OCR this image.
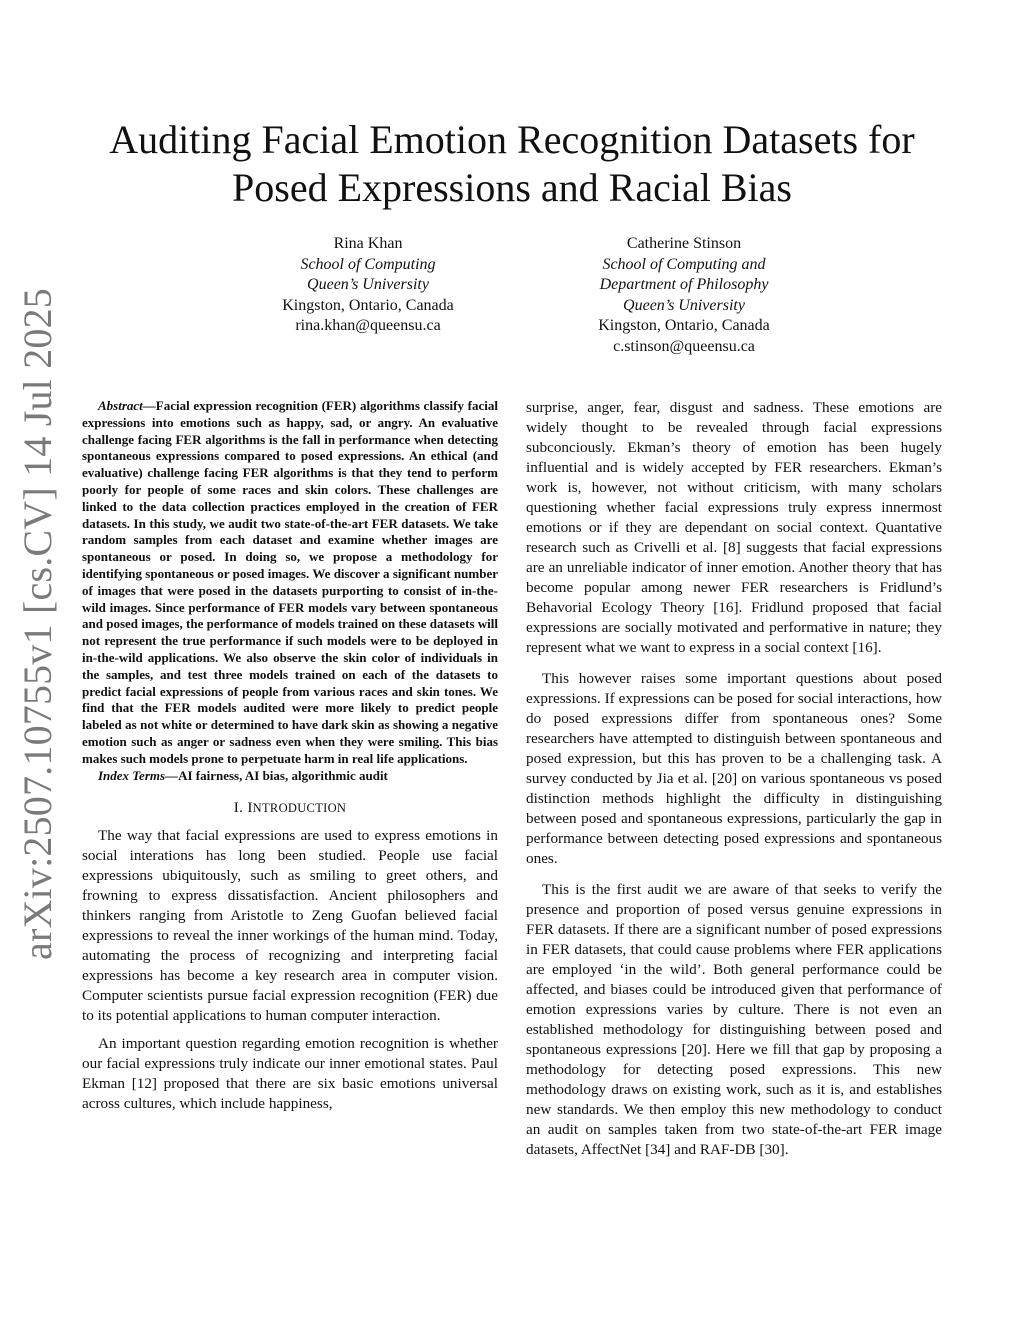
arXiv:2507.10755v1 [cs.CV] 14 Jul 2025
Auditing Facial Emotion Recognition Datasets for
Posed Expressions and Racial Bias
Rina Khan
School of Computing
Queen’s University
Kingston, Ontario, Canada
rina.khan@queensu.ca
Catherine Stinson
School of Computing and
Department of Philosophy
Queen’s University
Kingston, Ontario, Canada
c.stinson@queensu.ca

Abstract—Facial expression recognition (FER) algorithms classify facial expressions into emotions such as happy, sad, or angry. An evaluative challenge facing FER algorithms is the fall in performance when detecting spontaneous expressions compared to posed expressions. An ethical (and evaluative) challenge facing FER algorithms is that they tend to perform poorly for people of some races and skin colors. These challenges are linked to the data collection practices employed in the creation of FER datasets. In this study, we audit two state-of-the-art FER datasets. We take random samples from each dataset and examine whether images are spontaneous or posed. In doing so, we propose a methodology for identifying spontaneous or posed images. We discover a significant number of images that were posed in the datasets purporting to consist of in-the-wild images. Since performance of FER models vary between spontaneous and posed images, the performance of models trained on these datasets will not represent the true performance if such models were to be deployed in in-the-wild applications. We also observe the skin color of individuals in the samples, and test three models trained on each of the datasets to predict facial expressions of people from various races and skin tones. We find that the FER models audited were more likely to predict people labeled as not white or determined to have dark skin as showing a negative emotion such as anger or sadness even when they were smiling. This bias makes such models prone to perpetuate harm in real life applications.

Index Terms—AI fairness, AI bias, algorithmic audit

I. INTRODUCTION

The way that facial expressions are used to express emotions in social interations has long been studied. People use facial expressions ubiquitously, such as smiling to greet others, and frowning to express dissatisfaction. Ancient philosophers and thinkers ranging from Aristotle to Zeng Guofan believed facial expressions to reveal the inner workings of the human mind. Today, automating the process of recognizing and interpreting facial expressions has become a key research area in computer vision. Computer scientists pursue facial expression recognition (FER) due to its potential applications to human computer interaction.

An important question regarding emotion recognition is whether our facial expressions truly indicate our inner emotional states. Paul Ekman [12] proposed that there are six basic emotions universal across cultures, which include happiness,

surprise, anger, fear, disgust and sadness. These emotions are widely thought to be revealed through facial expressions subconciously. Ekman’s theory of emotion has been hugely influential and is widely accepted by FER researchers. Ekman’s work is, however, not without criticism, with many scholars questioning whether facial expressions truly express innermost emotions or if they are dependant on social context. Quantative research such as Crivelli et al. [8] suggests that facial expressions are an unreliable indicator of inner emotion. Another theory that has become popular among newer FER researchers is Fridlund’s Behavorial Ecology Theory [16]. Fridlund proposed that facial expressions are socially motivated and performative in nature; they represent what we want to express in a social context [16].

This however raises some important questions about posed expressions. If expressions can be posed for social interactions, how do posed expressions differ from spontaneous ones? Some researchers have attempted to distinguish between spontaneous and posed expression, but this has proven to be a challenging task. A survey conducted by Jia et al. [20] on various spontaneous vs posed distinction methods highlight the difficulty in distinguishing between posed and spontaneous expressions, particularly the gap in performance between detecting posed expressions and spontaneous ones.

This is the first audit we are aware of that seeks to verify the presence and proportion of posed versus genuine expressions in FER datasets. If there are a significant number of posed expressions in FER datasets, that could cause problems where FER applications are employed ‘in the wild’. Both general performance could be affected, and biases could be introduced given that performance of emotion expressions varies by culture. There is not even an established methodology for distinguishing between posed and spontaneous expressions [20]. Here we fill that gap by proposing a methodology for detecting posed expressions. This new methodology draws on existing work, such as it is, and establishes new standards. We then employ this new methodology to conduct an audit on samples taken from two state-of-the-art FER image datasets, AffectNet [34] and RAF-DB [30].
